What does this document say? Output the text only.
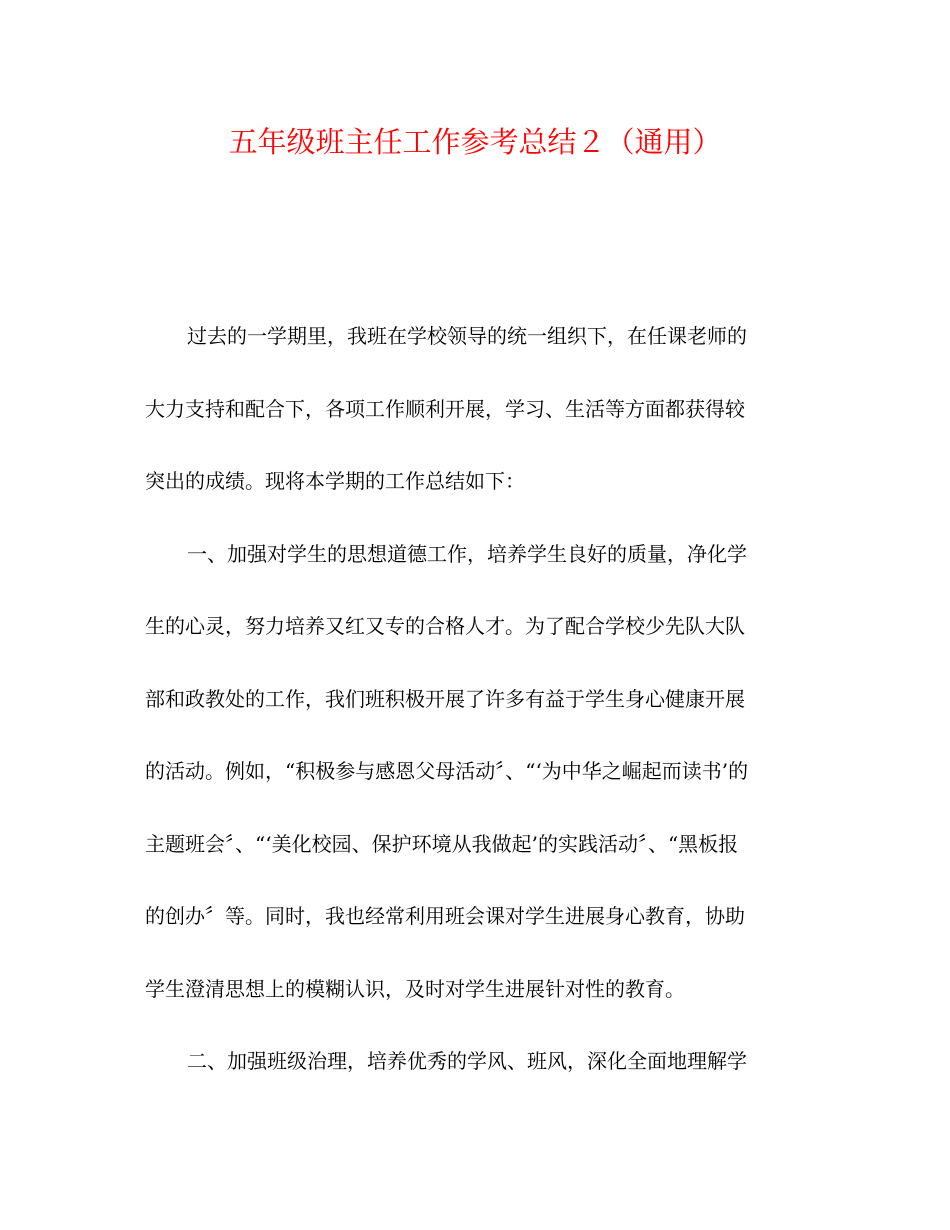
五年级班主任工作参考总结２（通用）
过去的一学期里，我班在学校领导的统一组织下，在任课老师的
大力支持和配合下，各项工作顺利开展，学习、生活等方面都获得较
突出的成绩。现将本学期的工作总结如下：
一、加强对学生的思想道德工作，培养学生良好的质量，净化学
生的心灵，努力培养又红又专的合格人才。为了配合学校少先队大队
部和政教处的工作，我们班积极开展了许多有益于学生身心健康开展
的活动。例如，“积极参与感恩父母活动〞、“‘为中华之崛起而读书’的
主题班会〞、“‘美化校园、保护环境从我做起’的实践活动〞、“黑板报
的创办〞等。同时，我也经常利用班会课对学生进展身心教育，协助
学生澄清思想上的模糊认识，及时对学生进展针对性的教育。
二、加强班级治理，培养优秀的学风、班风，深化全面地理解学
